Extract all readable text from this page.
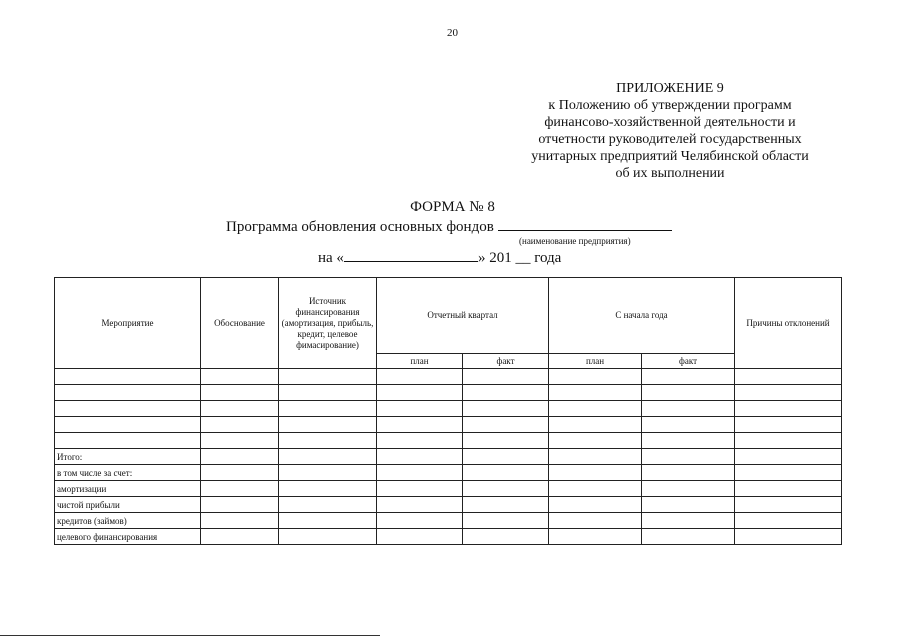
20
ПРИЛОЖЕНИЕ 9
к Положению об утверждении программ
финансово-хозяйственной деятельности и
отчетности руководителей государственных
унитарных предприятий Челябинской области
об их выполнении
ФОРМА № 8
Программа обновления основных фондов
(наименование предприятия)
на «	» 201 __ года
Мероприятие	Обоснование	Источник финансирования (амортизация, прибыль, кредит, целевое фимасирование)	Отчетный квартал		С начала года		Причины отклонений
			план	факт	план	факт	

Итого:							
в том числе за счет:							
амортизации							
чистой прибыли							
кредитов (займов)							
целевого финансирования							
